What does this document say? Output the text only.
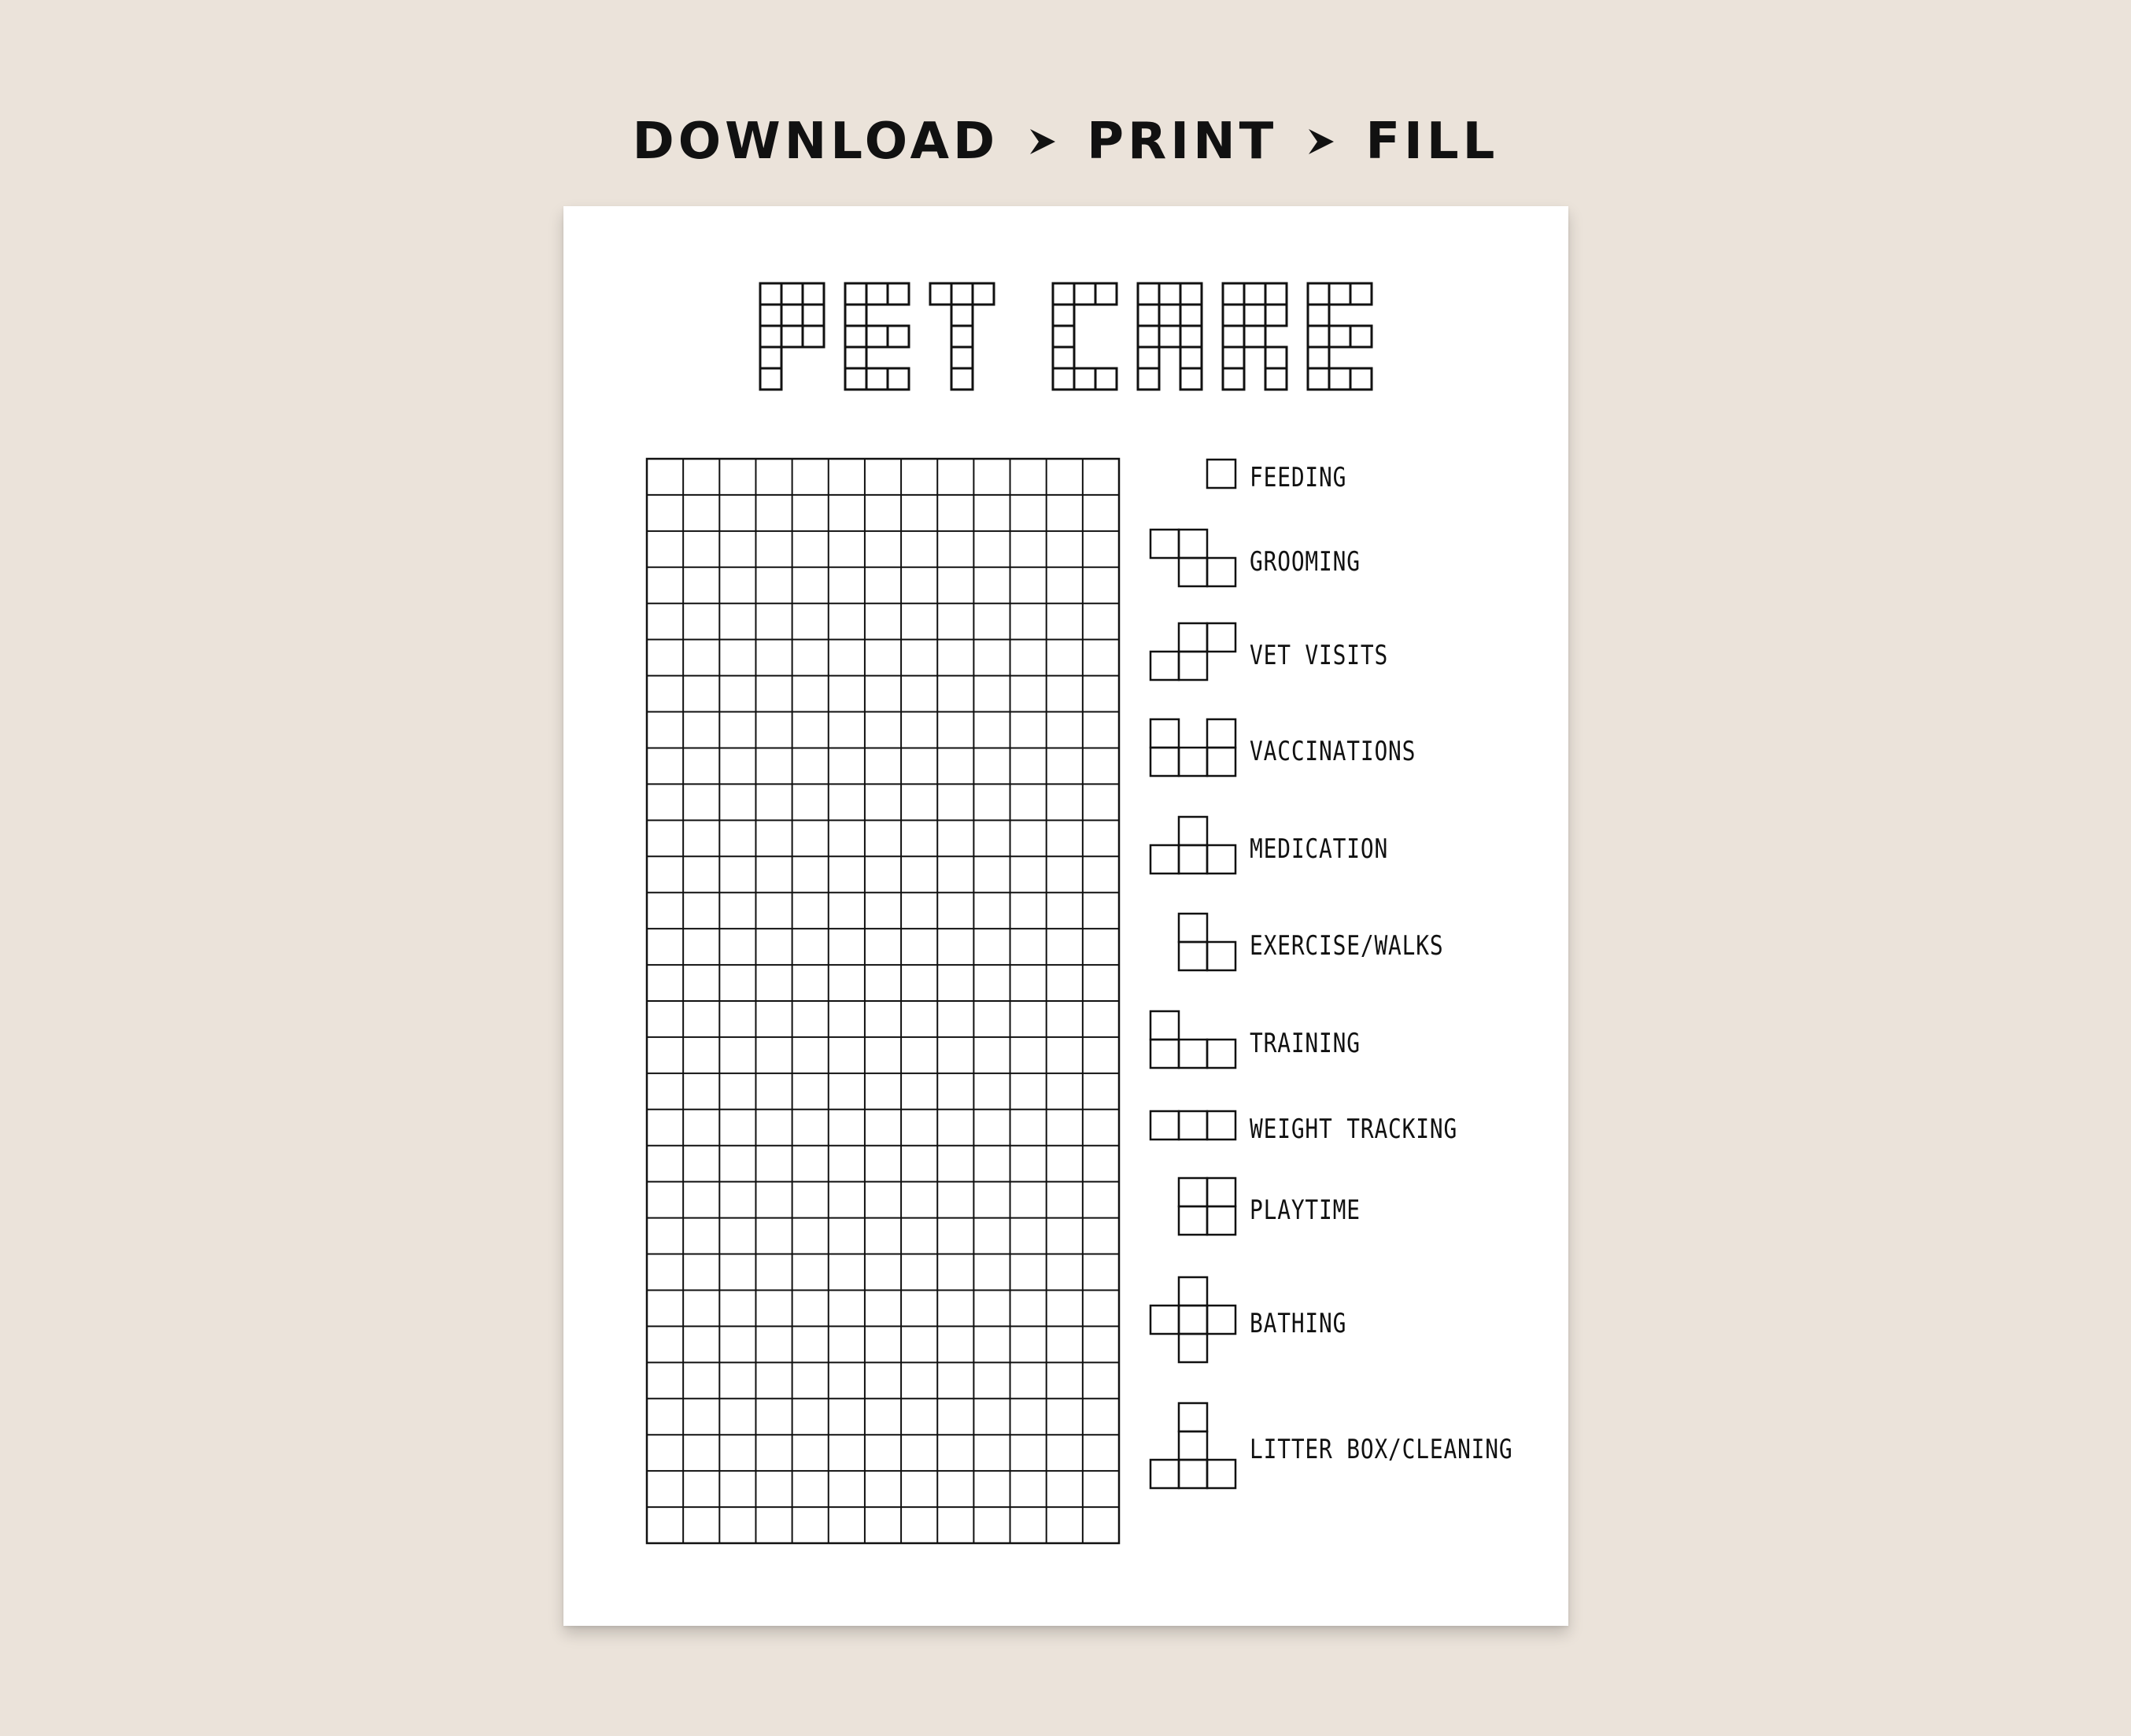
DOWNLOAD PRINT FILL
FEEDING
GROOMING
VET VISITS
VACCINATIONS
MEDICATION
EXERCISE/WALKS
TRAINING
WEIGHT TRACKING
PLAYTIME
BATHING
LITTER BOX/CLEANING
